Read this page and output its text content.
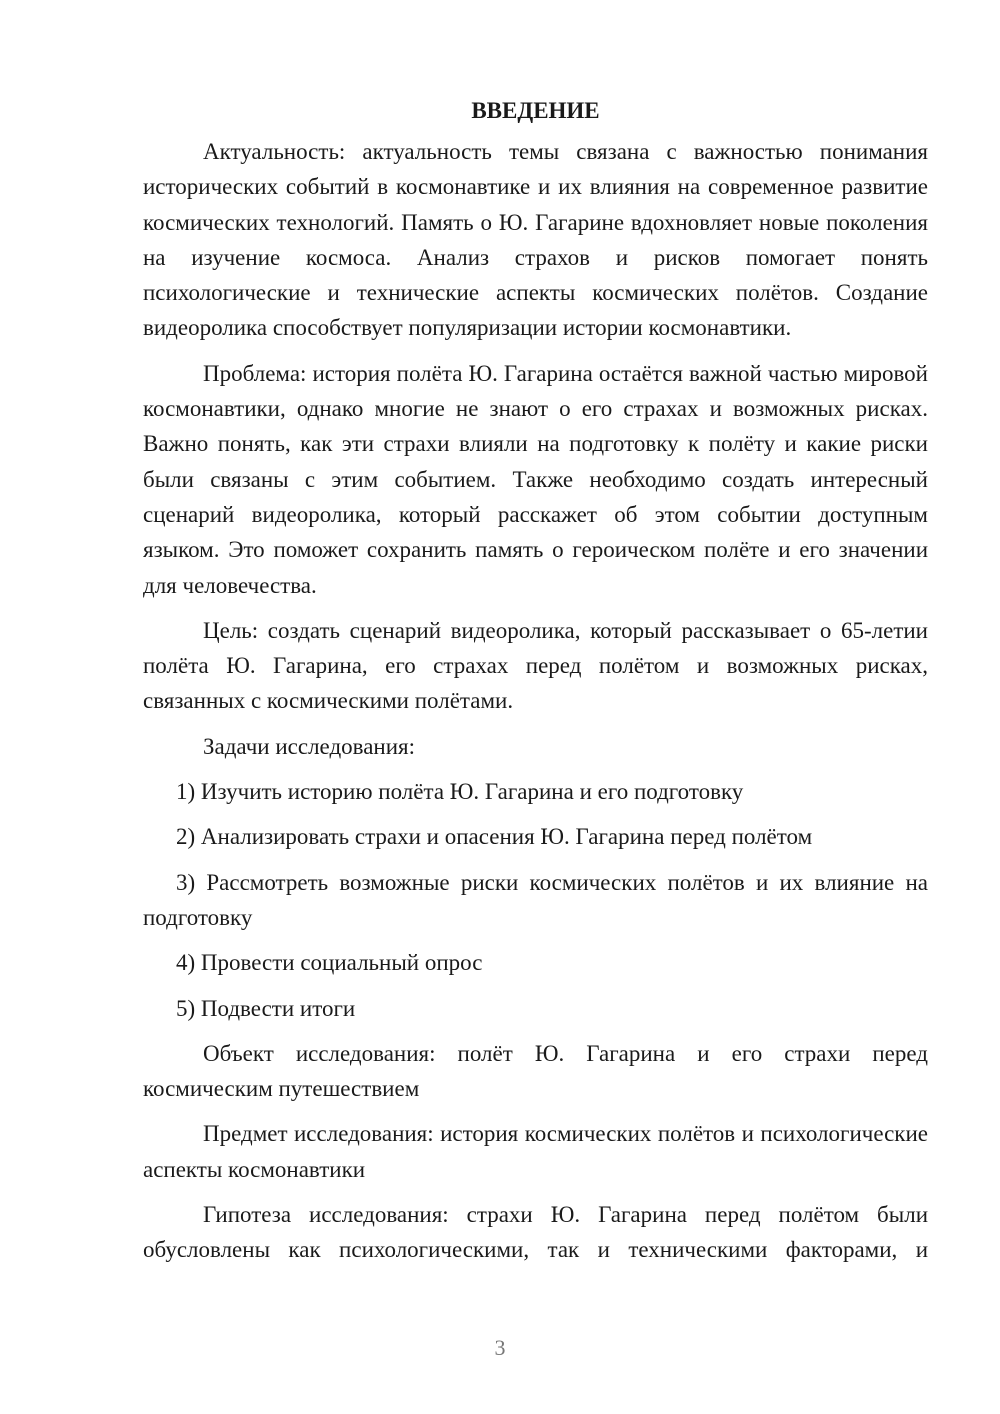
ВВЕДЕНИЕ

Актуальность: актуальность темы связана с важностью понимания исторических событий в космонавтике и их влияния на современное развитие космических технологий. Память о Ю. Гагарине вдохновляет новые поколения на изучение космоса. Анализ страхов и рисков помогает понять психологические и технические аспекты космических полётов. Создание видеоролика способствует популяризации истории космонавтики.

Проблема: история полёта Ю. Гагарина остаётся важной частью мировой космонавтики, однако многие не знают о его страхах и возможных рисках. Важно понять, как эти страхи влияли на подготовку к полёту и какие риски были связаны с этим событием. Также необходимо создать интересный сценарий видеоролика, который расскажет об этом событии доступным языком. Это поможет сохранить память о героическом полёте и его значении для человечества.

Цель: создать сценарий видеоролика, который рассказывает о 65-летии полёта Ю. Гагарина, его страхах перед полётом и возможных рисках, связанных с космическими полётами.

Задачи исследования:

1) Изучить историю полёта Ю. Гагарина и его подготовку

2) Анализировать страхи и опасения Ю. Гагарина перед полётом

3) Рассмотреть возможные риски космических полётов и их влияние на подготовку

4) Провести социальный опрос

5) Подвести итоги

Объект исследования: полёт Ю. Гагарина и его страхи перед космическим путешествием

Предмет исследования: история космических полётов и психологические аспекты космонавтики

Гипотеза исследования: страхи Ю. Гагарина перед полётом были обусловлены как психологическими, так и техническими факторами, и

3
